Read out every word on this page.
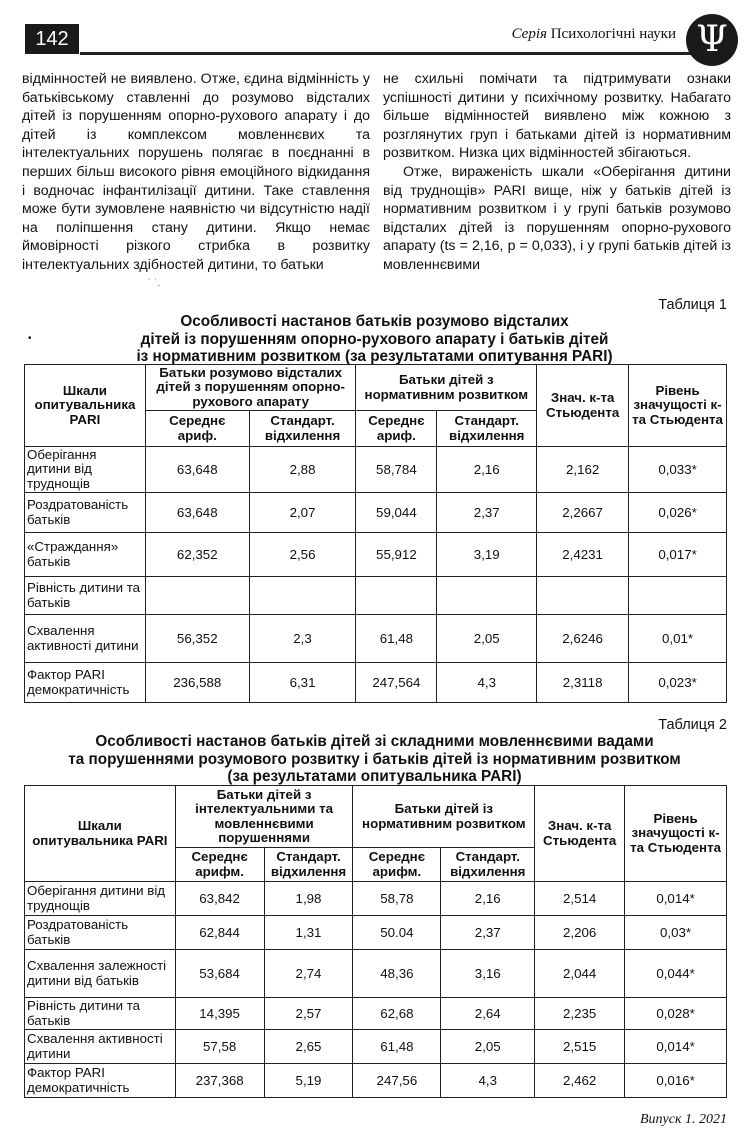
142	Серія Психологічні науки Ψ

відмінностей не виявлено. Отже, єдина відмінність у батьківському ставленні до розумово відсталих дітей із порушенням опорно-рухового апарату і до дітей із комплексом мовленнєвих та інтелектуальних порушень полягає в поєднанні в перших більш високого рівня емоційного відкидання і водночас інфантилізації дитини. Таке ставлення може бути зумовлене наявністю чи відсутністю надії на поліпшення стану дитини. Якщо немає ймовірності різкого стрибка в розвитку інтелектуальних здібностей дитини, то батьки

не схильні помічати та підтримувати ознаки успішності дитини у психічному розвитку. Набагато більше відмінностей виявлено між кожною з розглянутих груп і батьками дітей із нормативним розвитком. Низка цих відмінностей збігаються.

Отже, вираженість шкали «Оберігання дитини від труднощів» PARI вище, ніж у батьків дітей із нормативним розвитком і у групі батьків розумово відсталих дітей із порушенням опорно-рухового апарату (ts = 2,16, р = 0,033), і у групі батьків дітей із мовленнєвими

˙ ˙.
Таблиця 1
Особливості настанов батьків розумово відсталих
дітей із порушенням опорно-рухового апарату і батьків дітей
із нормативним розвитком (за результатами опитування PARI)
•
Шкали опитувальника PARI	Батьки розумово відсталих дітей з порушенням опорно-рухового апарату		Батьки дітей з нормативним розвитком		Знач. к-та Стьюдента	Рівень значущості к-та Стьюдента
	Середнє ариф.	Стандарт. відхилення	Середнє ариф.	Стандарт. відхилення		
Оберігання дитини від труднощів	63,648	2,88	58,784	2,16	2,162	0,033*
Роздратованість батьків	63,648	2,07	59,044	2,37	2,2667	0,026*
«Страждання» батьків	62,352	2,56	55,912	3,19	2,4231	0,017*
Рівність дитини та батьків						
Схвалення активності дитини	56,352	2,3	61,48	2,05	2,6246	0,01*
Фактор PARI демократичність	236,588	6,31	247,564	4,3	2,3118	0,023*
Таблиця 2
Особливості настанов батьків дітей зі складними мовленнєвими вадами
та порушеннями розумового розвитку і батьків дітей із нормативним розвитком
(за результатами опитувальника PARI)
Шкали опитувальника PARI	Батьки дітей з інтелектуальними та мовленнєвими порушеннями		Батьки дітей із нормативним розвитком		Знач. к-та Стьюдента	Рівень значущості к-та Стьюдента
	Середнє арифм.	Стандарт. відхилення	Середнє арифм.	Стандарт. відхилення		
Оберігання дитини від труднощів	63,842	1,98	58,78	2,16	2,514	0,014*
Роздратованість батьків	62,844	1,31	50.04	2,37	2,206	0,03*
Схвалення залежності дитини від батьків	53,684	2,74	48,36	3,16	2,044	0,044*
Рівність дитини та батьків	14,395	2,57	62,68	2,64	2,235	0,028*
Схвалення активності дитини	57,58	2,65	61,48	2,05	2,515	0,014*
Фактор PARI демократичність	237,368	5,19	247,56	4,3	2,462	0,016*
Випуск 1. 2021
